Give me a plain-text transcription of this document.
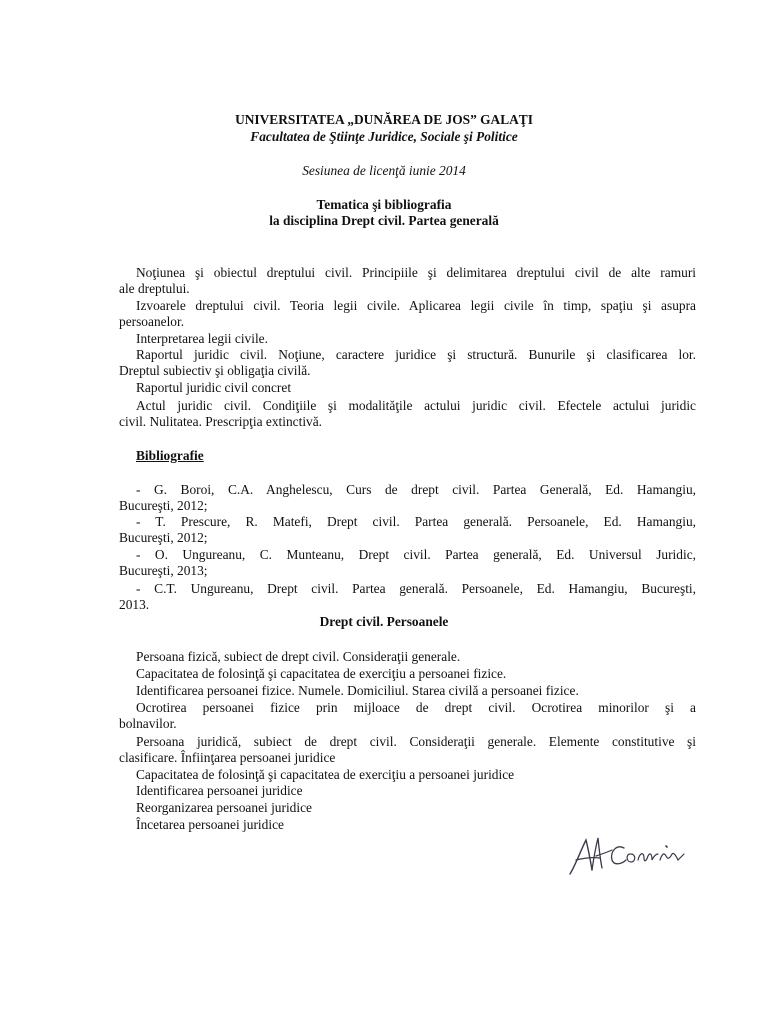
UNIVERSITATEA „DUNĂREA DE JOS” GALAŢI

Facultatea de Ştiinţe Juridice, Sociale şi Politice

Sesiunea de licenţă iunie 2014

Tematica şi bibliografia

la disciplina Drept civil. Partea generală

Noţiunea şi obiectul dreptului civil. Principiile şi delimitarea dreptului civil de alte ramuri

ale dreptului.

Izvoarele dreptului civil. Teoria legii civile. Aplicarea legii civile în timp, spaţiu şi asupra

persoanelor.

Interpretarea legii civile.

Raportul juridic civil. Noţiune, caractere juridice şi structură. Bunurile şi clasificarea lor.

Dreptul subiectiv şi obligaţia civilă.

Raportul juridic civil concret

Actul juridic civil. Condiţiile şi modalităţile actului juridic civil. Efectele actului juridic

civil. Nulitatea. Prescripţia extinctivă.

Bibliografie

- G. Boroi, C.A. Anghelescu, Curs de drept civil. Partea Generală, Ed. Hamangiu,

Bucureşti, 2012;

- T. Prescure, R. Matefi, Drept civil. Partea generală. Persoanele, Ed. Hamangiu,

Bucureşti, 2012;

- O. Ungureanu, C. Munteanu, Drept civil. Partea generală, Ed. Universul Juridic,

Bucureşti, 2013;

- C.T. Ungureanu, Drept civil. Partea generală. Persoanele, Ed. Hamangiu, Bucureşti,

2013.

Drept civil. Persoanele

Persoana fizică, subiect de drept civil. Consideraţii generale.

Capacitatea de folosinţă şi capacitatea de exerciţiu a persoanei fizice.

Identificarea persoanei fizice. Numele. Domiciliul. Starea civilă a persoanei fizice.

Ocrotirea persoanei fizice prin mijloace de drept civil. Ocrotirea minorilor şi a

bolnavilor.

Persoana juridică, subiect de drept civil. Consideraţii generale. Elemente constitutive şi

clasificare. Înfiinţarea persoanei juridice

Capacitatea de folosinţă şi capacitatea de exerciţiu a persoanei juridice

Identificarea persoanei juridice

Reorganizarea persoanei juridice

Încetarea persoanei juridice
